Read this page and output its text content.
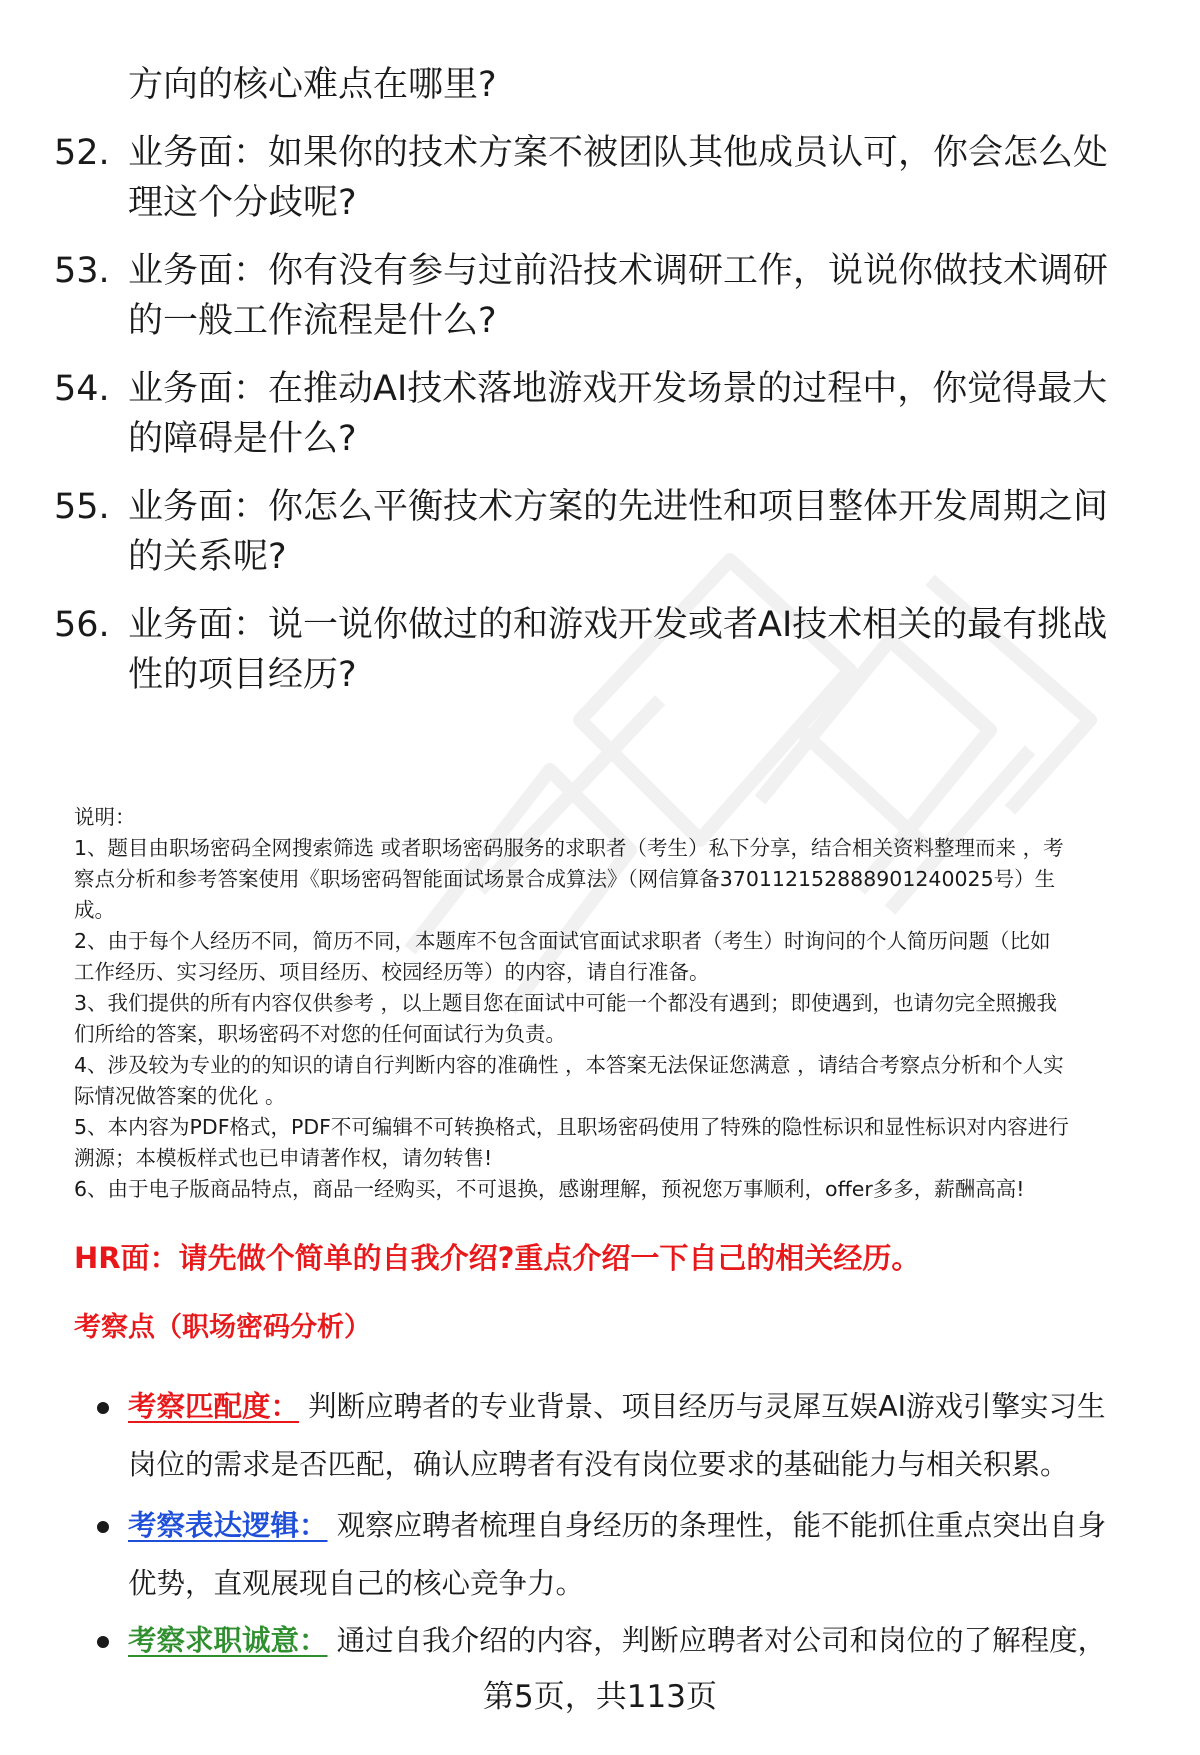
方向的核心难点在哪里?
52. 业务面：如果你的技术方案不被团队其他成员认可，你会怎么处
理这个分歧呢?
53. 业务面：你有没有参与过前沿技术调研工作，说说你做技术调研
的一般工作流程是什么?
54. 业务面：在推动AI技术落地游戏开发场景的过程中，你觉得最大
的障碍是什么?
55. 业务面：你怎么平衡技术方案的先进性和项目整体开发周期之间
的关系呢?
56. 业务面：说一说你做过的和游戏开发或者AI技术相关的最有挑战
性的项目经历?

说明：

1、题目由职场密码全网搜索筛选 或者职场密码服务的求职者（考生）私下分享，结合相关资料整理而来 ，考

察点分析和参考答案使用《职场密码智能面试场景合成算法》（网信算备370112152888901240025号）生

成。

2、由于每个人经历不同，简历不同，本题库不包含面试官面试求职者（考生）时询问的个人简历问题（比如

工作经历、实习经历、项目经历、校园经历等）的内容，请自行准备。

3、我们提供的所有内容仅供参考 ，以上题目您在面试中可能一个都没有遇到；即使遇到，也请勿完全照搬我

们所给的答案，职场密码不对您的任何面试行为负责。

4、涉及较为专业的的知识的请自行判断内容的准确性 ，本答案无法保证您满意 ，请结合考察点分析和个人实

际情况做答案的优化 。

5、本内容为PDF格式，PDF不可编辑不可转换格式，且职场密码使用了特殊的隐性标识和显性标识对内容进行

溯源；本模板样式也已申请著作权，请勿转售!

6、由于电子版商品特点，商品一经购买，不可退换，感谢理解，预祝您万事顺利，offer多多，薪酬高高!

HR面：请先做个简单的自我介绍?重点介绍一下自己的相关经历。
考察点（职场密码分析）
考察匹配度： 判断应聘者的专业背景、项目经历与灵犀互娱AI游戏引擎实习生
岗位的需求是否匹配，确认应聘者有没有岗位要求的基础能力与相关积累。
考察表达逻辑： 观察应聘者梳理自身经历的条理性，能不能抓住重点突出自身
优势，直观展现自己的核心竞争力。
考察求职诚意： 通过自我介绍的内容，判断应聘者对公司和岗位的了解程度，
第5页，共113页
